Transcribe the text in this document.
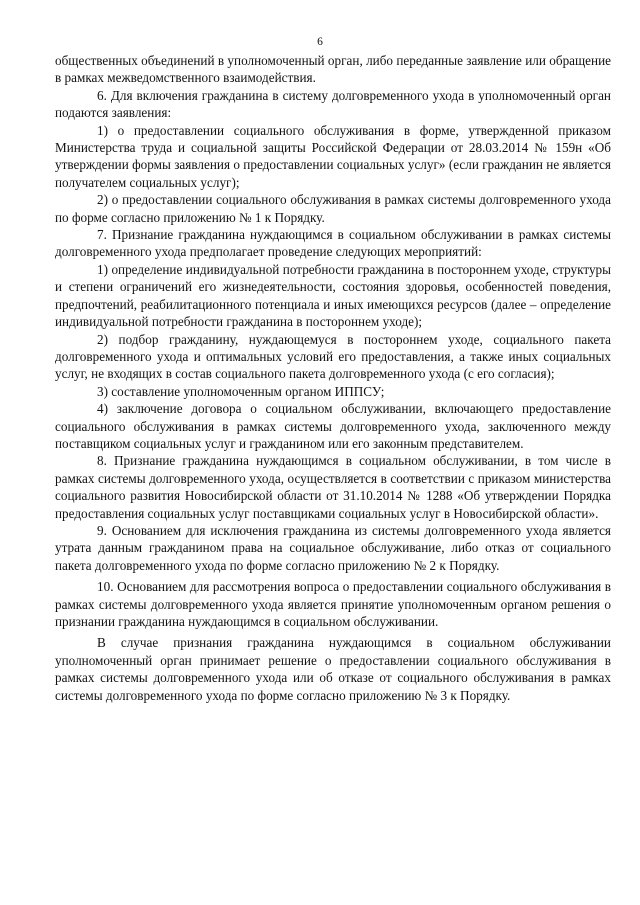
6

общественных объединений в уполномоченный орган, либо переданные заявление или обращение в рамках межведомственного взаимодействия.

6. Для включения гражданина в систему долговременного ухода в уполномоченный орган подаются заявления:

1) о предоставлении социального обслуживания в форме, утвержденной приказом Министерства труда и социальной защиты Российской Федерации от 28.03.2014 № 159н «Об утверждении формы заявления о предоставлении социальных услуг» (если гражданин не является получателем социальных услуг);

2) о предоставлении социального обслуживания в рамках системы долговременного ухода по форме согласно приложению № 1 к Порядку.

7. Признание гражданина нуждающимся в социальном обслуживании в рамках системы долговременного ухода предполагает проведение следующих мероприятий:

1) определение индивидуальной потребности гражданина в постороннем уходе, структуры и степени ограничений его жизнедеятельности, состояния здоровья, особенностей поведения, предпочтений, реабилитационного потенциала и иных имеющихся ресурсов (далее – определение индивидуальной потребности гражданина в постороннем уходе);

2) подбор гражданину, нуждающемуся в постороннем уходе, социального пакета долговременного ухода и оптимальных условий его предоставления, а также иных социальных услуг, не входящих в состав социального пакета долговременного ухода (с его согласия);

3) составление уполномоченным органом ИППСУ;

4) заключение договора о социальном обслуживании, включающего предоставление социального обслуживания в рамках системы долговременного ухода, заключенного между поставщиком социальных услуг и гражданином или его законным представителем.

8. Признание гражданина нуждающимся в социальном обслуживании, в том числе в рамках системы долговременного ухода, осуществляется в соответствии с приказом министерства социального развития Новосибирской области от 31.10.2014 № 1288 «Об утверждении Порядка предоставления социальных услуг поставщиками социальных услуг в Новосибирской области».

9. Основанием для исключения гражданина из системы долговременного ухода является утрата данным гражданином права на социальное обслуживание, либо отказ от социального пакета долговременного ухода по форме согласно приложению № 2 к Порядку.

10. Основанием для рассмотрения вопроса о предоставлении социального обслуживания в рамках системы долговременного ухода является принятие уполномоченным органом решения о признании гражданина нуждающимся в социальном обслуживании.

В случае признания гражданина нуждающимся в социальном обслуживании уполномоченный орган принимает решение о предоставлении социального обслуживания в рамках системы долговременного ухода или об отказе от социального обслуживания в рамках системы долговременного ухода по форме согласно приложению № 3 к Порядку.
